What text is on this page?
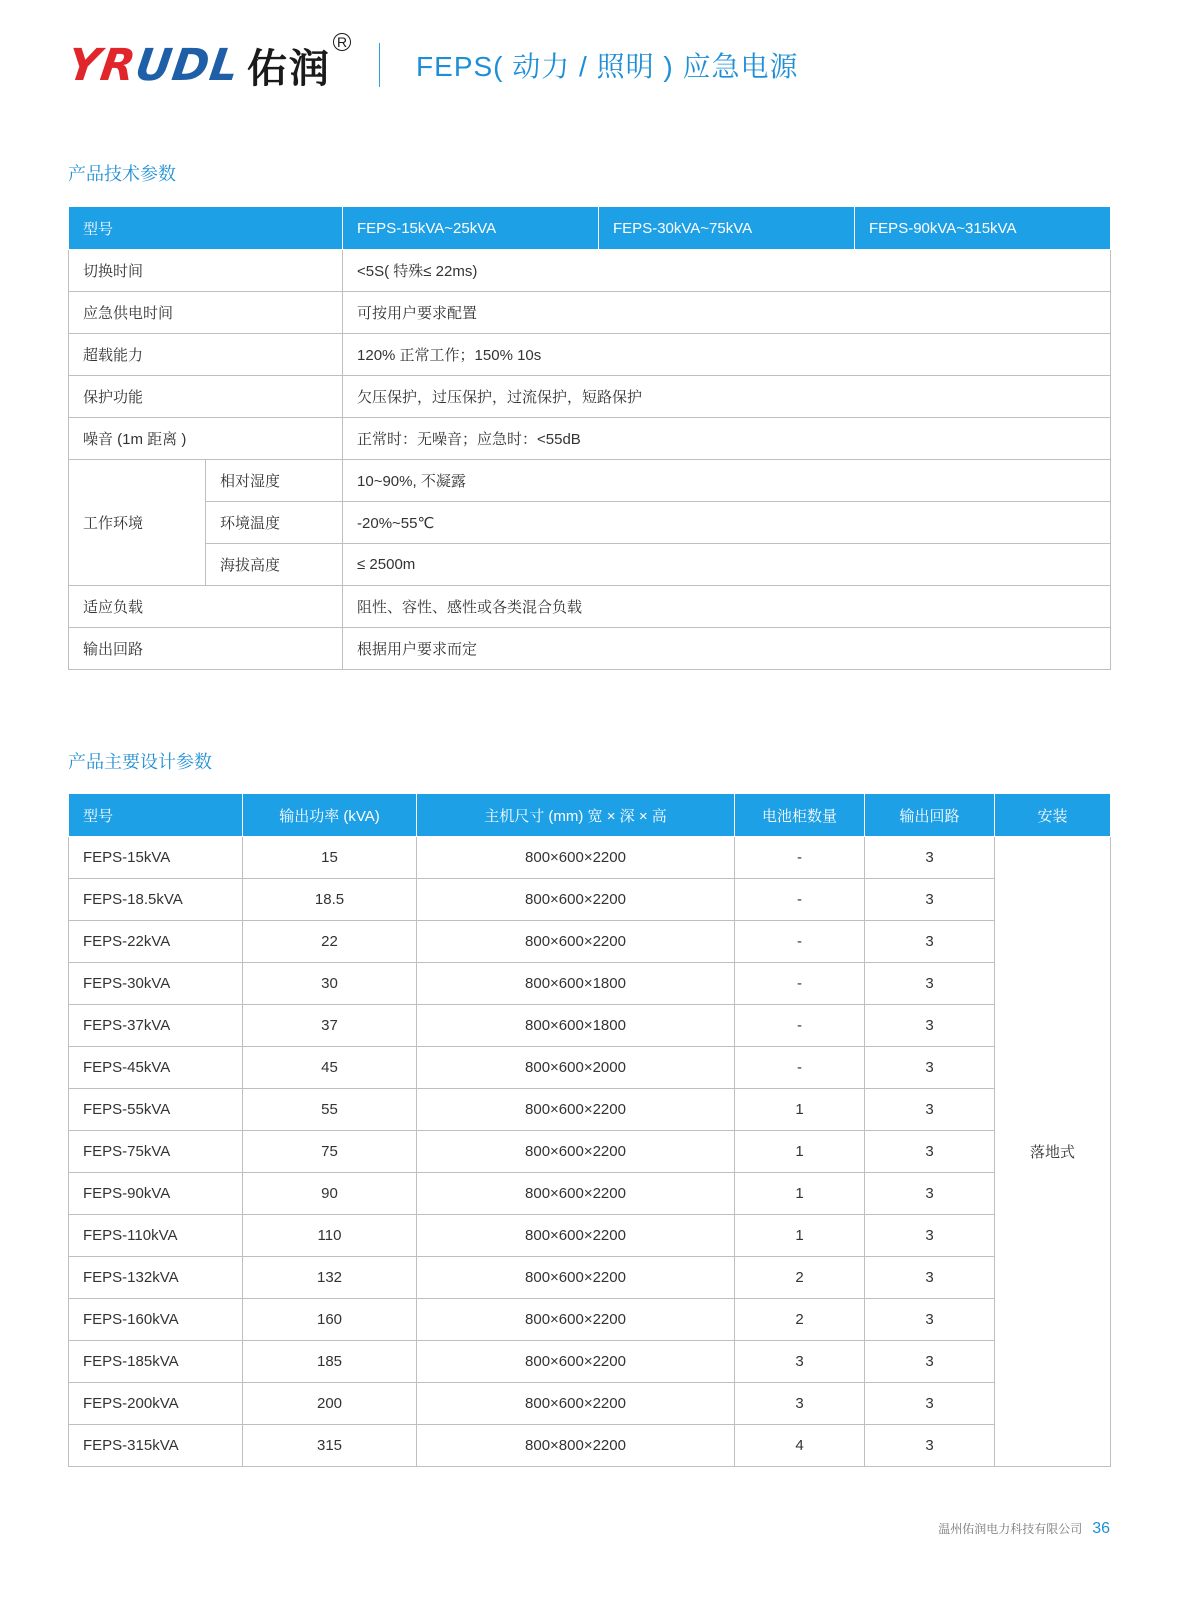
YRUDL 佑润
R
FEPS( 动力 / 照明 ) 应急电源
产品技术参数
型号		FEPS-15kVA~25kVA	FEPS-30kVA~75kVA	FEPS-90kVA~315kVA
切换时间		<5S( 特殊≤ 22ms)		
应急供电时间		可按用户要求配置		
超载能力		120% 正常工作；150% 10s		
保护功能		欠压保护，过压保护，过流保护，短路保护		
噪音 (1m 距离 )		正常时：无噪音；应急时：<55dB		
工作环境	相对湿度	10~90%, 不凝露		
	环境温度	-20%~55℃		
	海拔高度	≤ 2500m		
适应负载		阻性、容性、感性或各类混合负载		
输出回路		根据用户要求而定		
产品主要设计参数
型号	输出功率 (kVA)	主机尺寸 (mm) 宽 × 深 × 高	电池柜数量	输出回路	安装
FEPS-15kVA	15	800×600×2200	-	3	落地式
FEPS-18.5kVA	18.5	800×600×2200	-	3	
FEPS-22kVA	22	800×600×2200	-	3	
FEPS-30kVA	30	800×600×1800	-	3	
FEPS-37kVA	37	800×600×1800	-	3	
FEPS-45kVA	45	800×600×2000	-	3	
FEPS-55kVA	55	800×600×2200	1	3	
FEPS-75kVA	75	800×600×2200	1	3	
FEPS-90kVA	90	800×600×2200	1	3	
FEPS-110kVA	110	800×600×2200	1	3	
FEPS-132kVA	132	800×600×2200	2	3	
FEPS-160kVA	160	800×600×2200	2	3	
FEPS-185kVA	185	800×600×2200	3	3	
FEPS-200kVA	200	800×600×2200	3	3	
FEPS-315kVA	315	800×800×2200	4	3	
温州佑润电力科技有限公司 36
